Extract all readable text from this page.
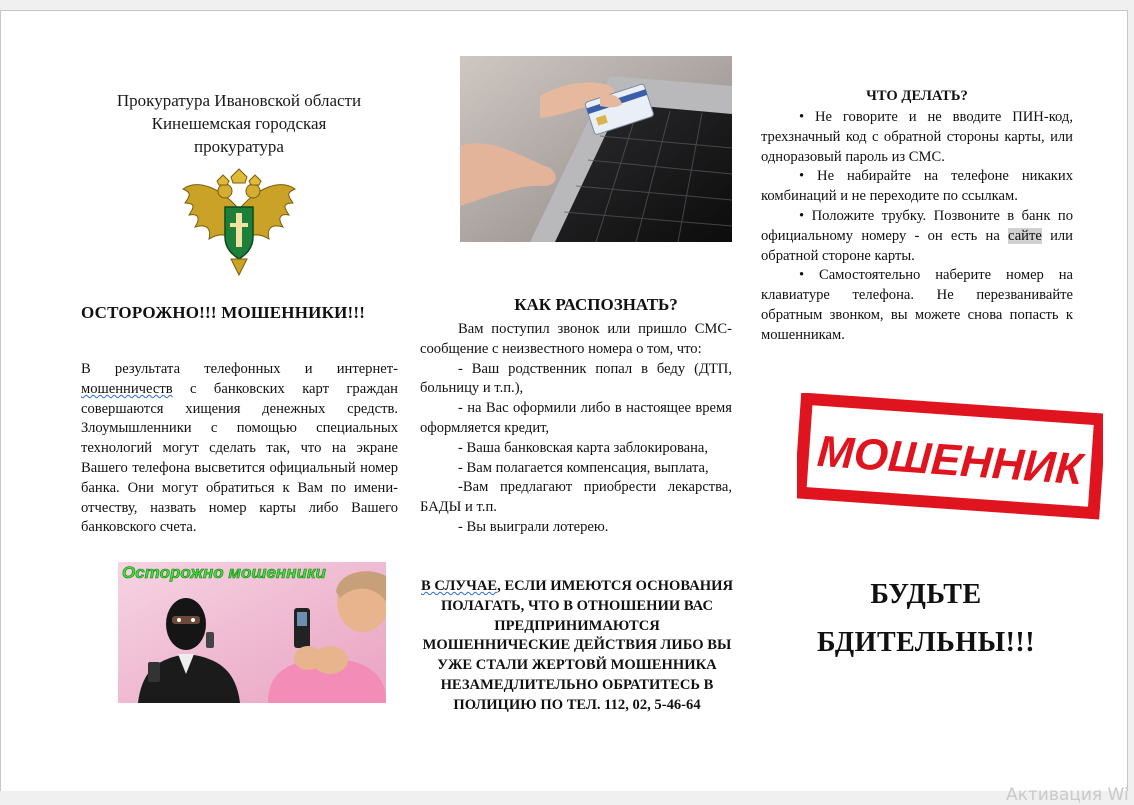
Прокуратура Ивановской области
Кинешемская городская
прокуратура
ОСТОРОЖНО!!! МОШЕННИКИ!!!
В результата телефонных и интернет-мошенничеств с банковских карт граждан совершаются хищения денежных средств. Злоумышленники с помощью специальных технологий могут сделать так, что на экране Вашего телефона высветится официальный номер банка. Они могут обратиться к Вам по имени- отчеству, назвать номер карты либо Вашего банковского счета.
Осторожно мошенники
КАК РАСПОЗНАТЬ?
Вам поступил звонок или пришло СМС- сообщение с неизвестного номера о том, что:
- Ваш родственник попал в беду (ДТП, больницу и т.п.),
- на Вас оформили либо в настоящее время оформляется кредит,
- Ваша банковская карта заблокирована,
- Вам полагается компенсация, выплата,
-Вам предлагают приобрести лекарства, БАДЫ и т.п.
- Вы выиграли лотерею.
В СЛУЧАЕ, ЕСЛИ ИМЕЮТСЯ ОСНОВАНИЯ ПОЛАГАТЬ, ЧТО В ОТНОШЕНИИ ВАС ПРЕДПРИНИМАЮТСЯ МОШЕННИЧЕСКИЕ ДЕЙСТВИЯ ЛИБО ВЫ УЖЕ СТАЛИ ЖЕРТОВЙ МОШЕННИКА НЕЗАМЕДЛИТЕЛЬНО ОБРАТИТЕСЬ В ПОЛИЦИЮ ПО ТЕЛ. 112, 02, 5-46-64
ЧТО ДЕЛАТЬ?
• Не говорите и не вводите ПИН-код, трехзначный код с обратной стороны карты, или одноразовый пароль из СМС.
• Не набирайте на телефоне никаких комбинаций и не переходите по ссылкам.
• Положите трубку. Позвоните в банк по официальному номеру - он есть на сайте или обратной стороне карты.
• Самостоятельно наберите номер на клавиатуре телефона. Не перезванивайте обратным звонком, вы можете снова попасть к мошенникам.
МОШЕННИК
БУДЬТЕ
БДИТЕЛЬНЫ!!!
Активация Wi
